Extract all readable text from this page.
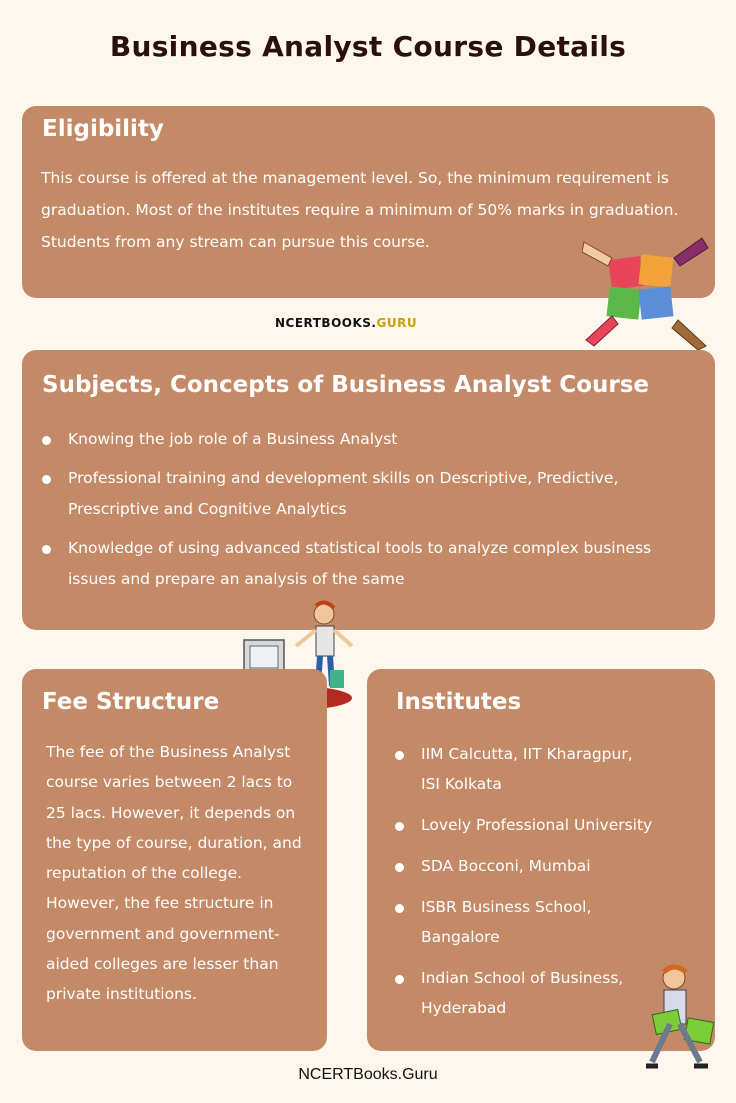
Business Analyst Course Details
Eligibility
This course is offered at the management level. So, the minimum requirement is graduation. Most of the institutes require a minimum of 50% marks in graduation. Students from any stream can pursue this course.
NCERTBOOKS.GURU
Subjects, Concepts of Business Analyst Course
Knowing the job role of a Business Analyst
Professional training and development skills on Descriptive, Predictive, Prescriptive and Cognitive Analytics
Knowledge of using advanced statistical tools to analyze complex business issues and prepare an analysis of the same
Fee Structure
The fee of the Business Analyst course varies between 2 lacs to 25 lacs. However, it depends on the type of course, duration, and reputation of the college. However, the fee structure in government and government-aided colleges are lesser than private institutions.
Institutes
IIM Calcutta, IIT Kharagpur, ISI Kolkata
Lovely Professional University
SDA Bocconi, Mumbai
ISBR Business School, Bangalore
Indian School of Business, Hyderabad
NCERTBooks.Guru
